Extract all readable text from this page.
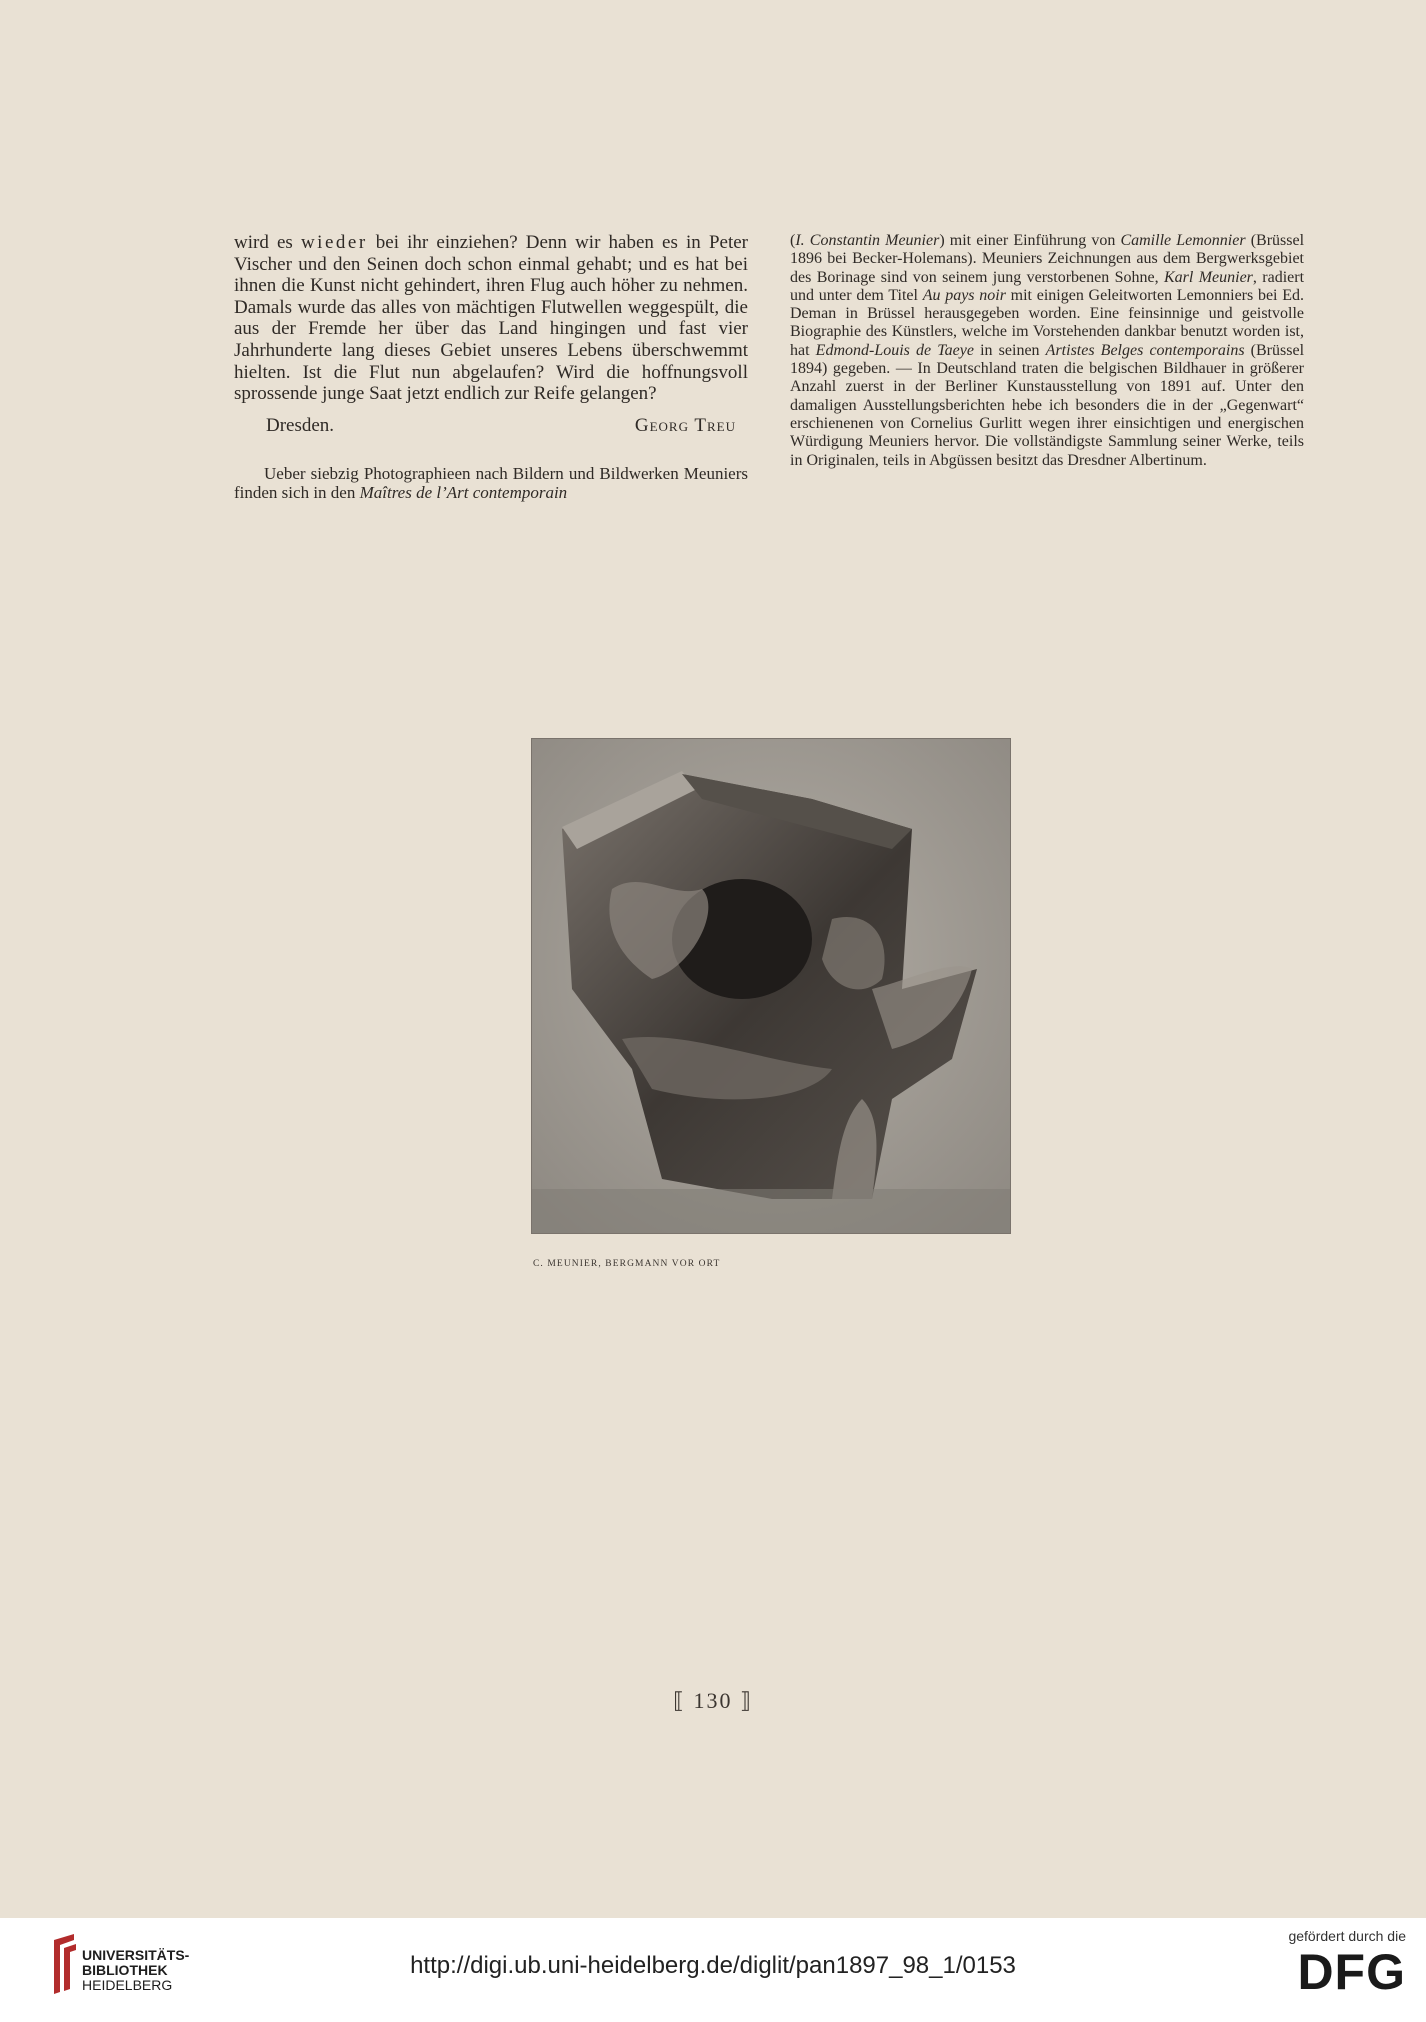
wird es wieder bei ihr einziehen? Denn wir haben es in Peter Vischer und den Seinen doch schon einmal gehabt; und es hat bei ihnen die Kunst nicht gehindert, ihren Flug auch höher zu nehmen. Damals wurde das alles von mächtigen Flutwellen weggespült, die aus der Fremde her über das Land hingingen und fast vier Jahrhunderte lang dieses Gebiet unseres Lebens überschwemmt hielten. Ist die Flut nun abgelaufen? Wird die hoffnungsvoll sprossende junge Saat jetzt endlich zur Reife gelangen?

Dresden.	Georg Treu

Ueber siebzig Photographieen nach Bildern und Bildwerken Meuniers finden sich in den Maîtres de l’Art contemporain

(I. Constantin Meunier) mit einer Einführung von Camille Lemonnier (Brüssel 1896 bei Becker-Holemans). Meuniers Zeichnungen aus dem Bergwerksgebiet des Borinage sind von seinem jung verstorbenen Sohne, Karl Meunier, radiert und unter dem Titel Au pays noir mit einigen Geleitworten Lemonniers bei Ed. Deman in Brüssel herausgegeben worden. Eine feinsinnige und geistvolle Biographie des Künstlers, welche im Vorstehenden dankbar benutzt worden ist, hat Edmond-Louis de Taeye in seinen Artistes Belges contemporains (Brüssel 1894) gegeben. — In Deutschland traten die belgischen Bildhauer in größerer Anzahl zuerst in der Berliner Kunstausstellung von 1891 auf. Unter den damaligen Ausstellungsberichten hebe ich besonders die in der „Gegenwart“ erschienenen von Cornelius Gurlitt wegen ihrer einsichtigen und energischen Würdigung Meuniers hervor. Die vollständigste Sammlung seiner Werke, teils in Originalen, teils in Abgüssen besitzt das Dresdner Albertinum.

C. MEUNIER, BERGMANN VOR ORT
⟦ 130 ⟧
UNIVERSITÄTS-
BIBLIOTHEK
HEIDELBERG
http://digi.ub.uni-heidelberg.de/diglit/pan1897_98_1/0153
gefördert durch die
DFG
